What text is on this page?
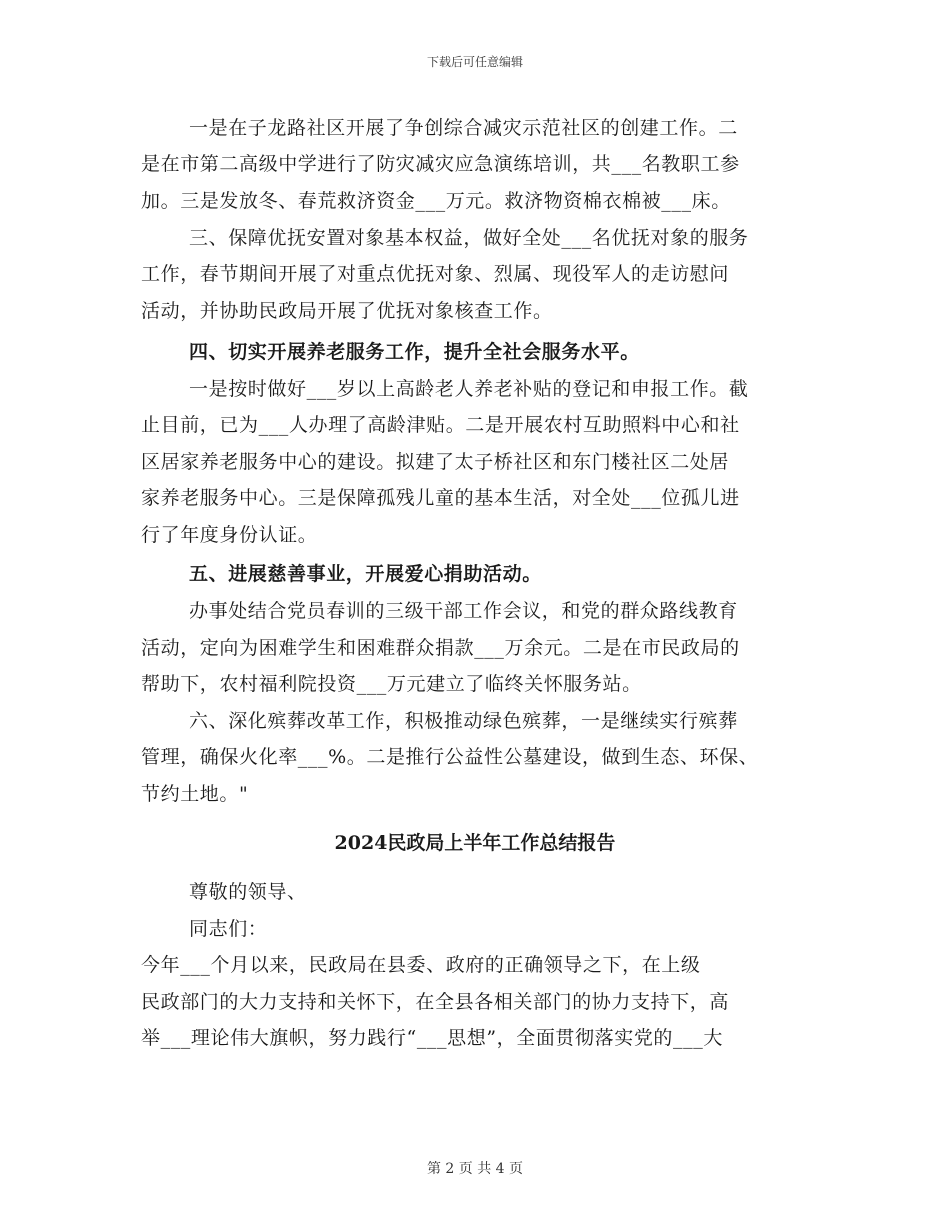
下载后可任意编辑
一是在子龙路社区开展了争创综合减灾示范社区的创建工作。二
是在市第二高级中学进行了防灾减灾应急演练培训，共___名教职工参
加。三是发放冬、春荒救济资金___万元。救济物资棉衣棉被___床。
三、保障优抚安置对象基本权益，做好全处___名优抚对象的服务
工作，春节期间开展了对重点优抚对象、烈属、现役军人的走访慰问
活动，并协助民政局开展了优抚对象核查工作。
四、切实开展养老服务工作，提升全社会服务水平。
一是按时做好___岁以上高龄老人养老补贴的登记和申报工作。截
止目前，已为___人办理了高龄津贴。二是开展农村互助照料中心和社
区居家养老服务中心的建设。拟建了太子桥社区和东门楼社区二处居
家养老服务中心。三是保障孤残儿童的基本生活，对全处___位孤儿进
行了年度身份认证。
五、进展慈善事业，开展爱心捐助活动。
办事处结合党员春训的三级干部工作会议，和党的群众路线教育
活动，定向为困难学生和困难群众捐款___万余元。二是在市民政局的
帮助下，农村福利院投资___万元建立了临终关怀服务站。
六、深化殡葬改革工作，积极推动绿色殡葬，一是继续实行殡葬
管理，确保火化率___%。二是推行公益性公墓建设，做到生态、环保、
节约土地。"
2024民政局上半年工作总结报告
尊敬的领导、
同志们：
今年___个月以来，民政局在县委、政府的正确领导之下，在上级
民政部门的大力支持和关怀下，在全县各相关部门的协力支持下，高
举___理论伟大旗帜，努力践行“___思想”，全面贯彻落实党的___大
第 2 页 共 4 页
